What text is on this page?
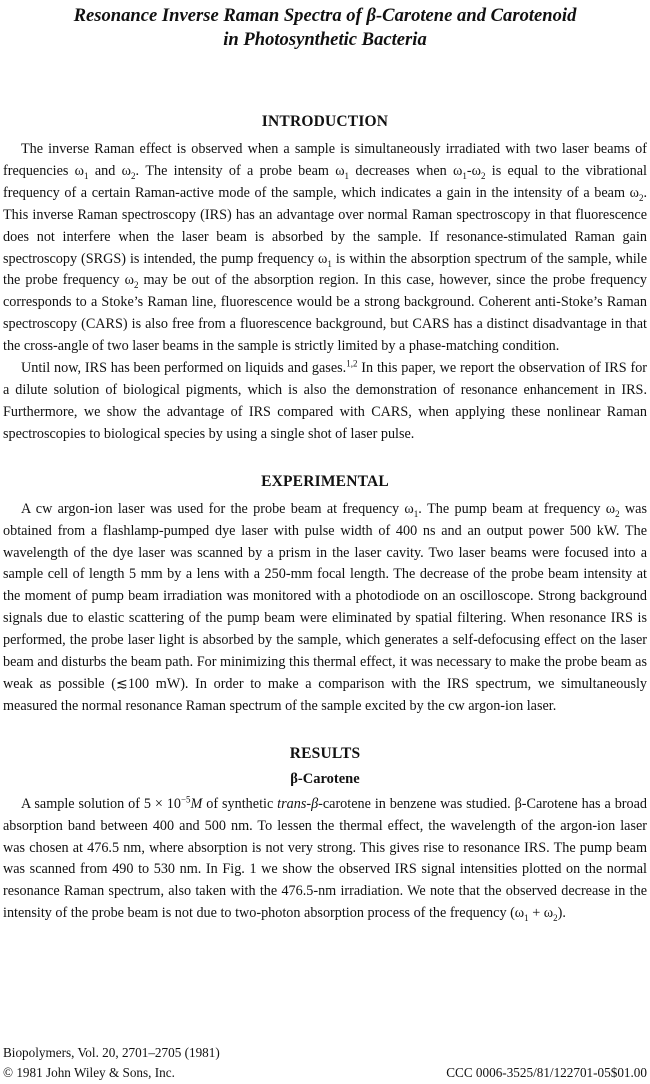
Resonance Inverse Raman Spectra of β-Carotene and Carotenoid
in Photosynthetic Bacteria
INTRODUCTION

The inverse Raman effect is observed when a sample is simultaneously irradiated with two laser beams of frequencies $\omega_1$ and $\omega_2$. The intensity of a probe beam $\omega_1$ decreases when $\omega_1-\omega_2$ is equal to the vibrational frequency of a certain Raman-active mode of the sample, which indicates a gain in the intensity of a beam $\omega_2$. This inverse Raman spectroscopy (IRS) has an advantage over normal Raman spectroscopy in that fluorescence does not interfere when the laser beam is absorbed by the sample. If resonance-stimulated Raman gain spectroscopy (SRGS) is intended, the pump frequency $\omega_1$ is within the absorption spectrum of the sample, while the probe frequency $\omega_2$ may be out of the absorption region. In this case, however, since the probe frequency corresponds to a Stoke’s Raman line, fluorescence would be a strong background. Coherent anti-Stoke’s Raman spectroscopy (CARS) is also free from a fluorescence background, but CARS has a distinct disadvantage in that the cross-angle of two laser beams in the sample is strictly limited by a phase-matching condition.

Until now, IRS has been performed on liquids and gases.$^{1,2}$ In this paper, we report the observation of IRS for a dilute solution of biological pigments, which is also the demonstration of resonance enhancement in IRS. Furthermore, we show the advantage of IRS compared with CARS, when applying these nonlinear Raman spectroscopies to biological species by using a single shot of laser pulse.

EXPERIMENTAL

A cw argon-ion laser was used for the probe beam at frequency $\omega_1$. The pump beam at frequency $\omega_2$ was obtained from a flashlamp-pumped dye laser with pulse width of 400 ns and an output power 500 kW. The wavelength of the dye laser was scanned by a prism in the laser cavity. Two laser beams were focused into a sample cell of length 5 mm by a lens with a 250-mm focal length. The decrease of the probe beam intensity at the moment of pump beam irradiation was monitored with a photodiode on an oscilloscope. Strong background signals due to elastic scattering of the pump beam were eliminated by spatial filtering. When resonance IRS is performed, the probe laser light is absorbed by the sample, which generates a self-defocusing effect on the laser beam and disturbs the beam path. For minimizing this thermal effect, it was necessary to make the probe beam as weak as possible (≲100 mW). In order to make a comparison with the IRS spectrum, we simultaneously measured the normal resonance Raman spectrum of the sample excited by the cw argon-ion laser.

RESULTS
β-Carotene

A sample solution of $5 \times 10^{-5}M$ of synthetic trans-β-carotene in benzene was studied. β-Carotene has a broad absorption band between 400 and 500 nm. To lessen the thermal effect, the wavelength of the argon-ion laser was chosen at 476.5 nm, where absorption is not very strong. This gives rise to resonance IRS. The pump beam was scanned from 490 to 530 nm. In Fig. 1 we show the observed IRS signal intensities plotted on the normal resonance Raman spectrum, also taken with the 476.5-nm irradiation. We note that the observed decrease in the intensity of the probe beam is not due to two-photon absorption process of the frequency $(\omega_1 + \omega_2)$.

Biopolymers, Vol. 20, 2701–2705 (1981)
© 1981 John Wiley & Sons, Inc.	CCC 0006-3525/81/122701-05$01.00
